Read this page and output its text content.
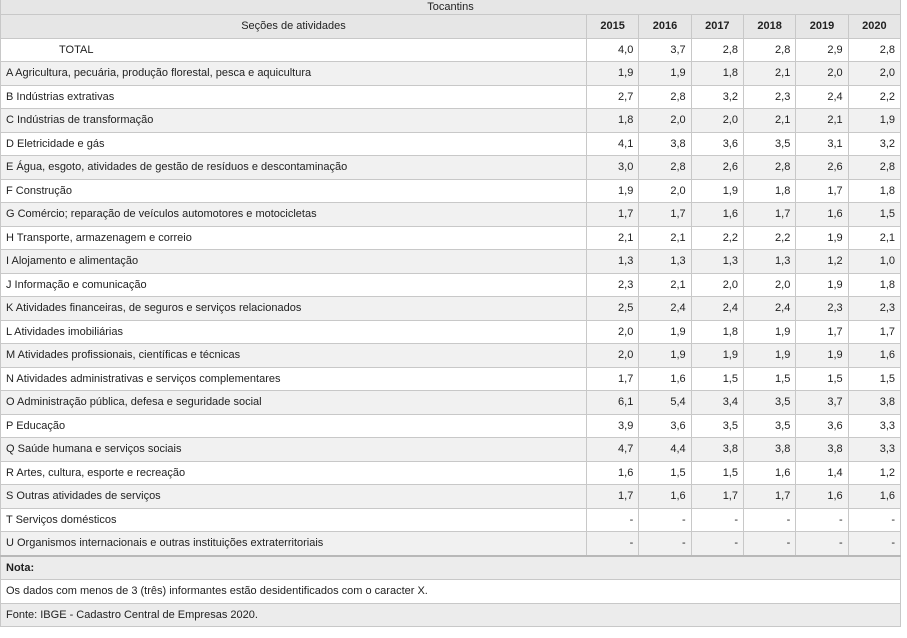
Tocantins						
Seções de atividades	2015	2016	2017	2018	2019	2020
TOTAL	4,0	3,7	2,8	2,8	2,9	2,8
A Agricultura, pecuária, produção florestal, pesca e aquicultura	1,9	1,9	1,8	2,1	2,0	2,0
B Indústrias extrativas	2,7	2,8	3,2	2,3	2,4	2,2
C Indústrias de transformação	1,8	2,0	2,0	2,1	2,1	1,9
D Eletricidade e gás	4,1	3,8	3,6	3,5	3,1	3,2
E Água, esgoto, atividades de gestão de resíduos e descontaminação	3,0	2,8	2,6	2,8	2,6	2,8
F Construção	1,9	2,0	1,9	1,8	1,7	1,8
G Comércio; reparação de veículos automotores e motocicletas	1,7	1,7	1,6	1,7	1,6	1,5
H Transporte, armazenagem e correio	2,1	2,1	2,2	2,2	1,9	2,1
I Alojamento e alimentação	1,3	1,3	1,3	1,3	1,2	1,0
J Informação e comunicação	2,3	2,1	2,0	2,0	1,9	1,8
K Atividades financeiras, de seguros e serviços relacionados	2,5	2,4	2,4	2,4	2,3	2,3
L Atividades imobiliárias	2,0	1,9	1,8	1,9	1,7	1,7
M Atividades profissionais, científicas e técnicas	2,0	1,9	1,9	1,9	1,9	1,6
N Atividades administrativas e serviços complementares	1,7	1,6	1,5	1,5	1,5	1,5
O Administração pública, defesa e seguridade social	6,1	5,4	3,4	3,5	3,7	3,8
P Educação	3,9	3,6	3,5	3,5	3,6	3,3
Q Saúde humana e serviços sociais	4,7	4,4	3,8	3,8	3,8	3,3
R Artes, cultura, esporte e recreação	1,6	1,5	1,5	1,6	1,4	1,2
S Outras atividades de serviços	1,7	1,6	1,7	1,7	1,6	1,6
T Serviços domésticos	-	-	-	-	-	-
U Organismos internacionais e outras instituições extraterritoriais	-	-	-	-	-	-
Nota:						
Os dados com menos de 3 (três) informantes estão desidentificados com o caracter X.						
Fonte: IBGE - Cadastro Central de Empresas 2020.						
